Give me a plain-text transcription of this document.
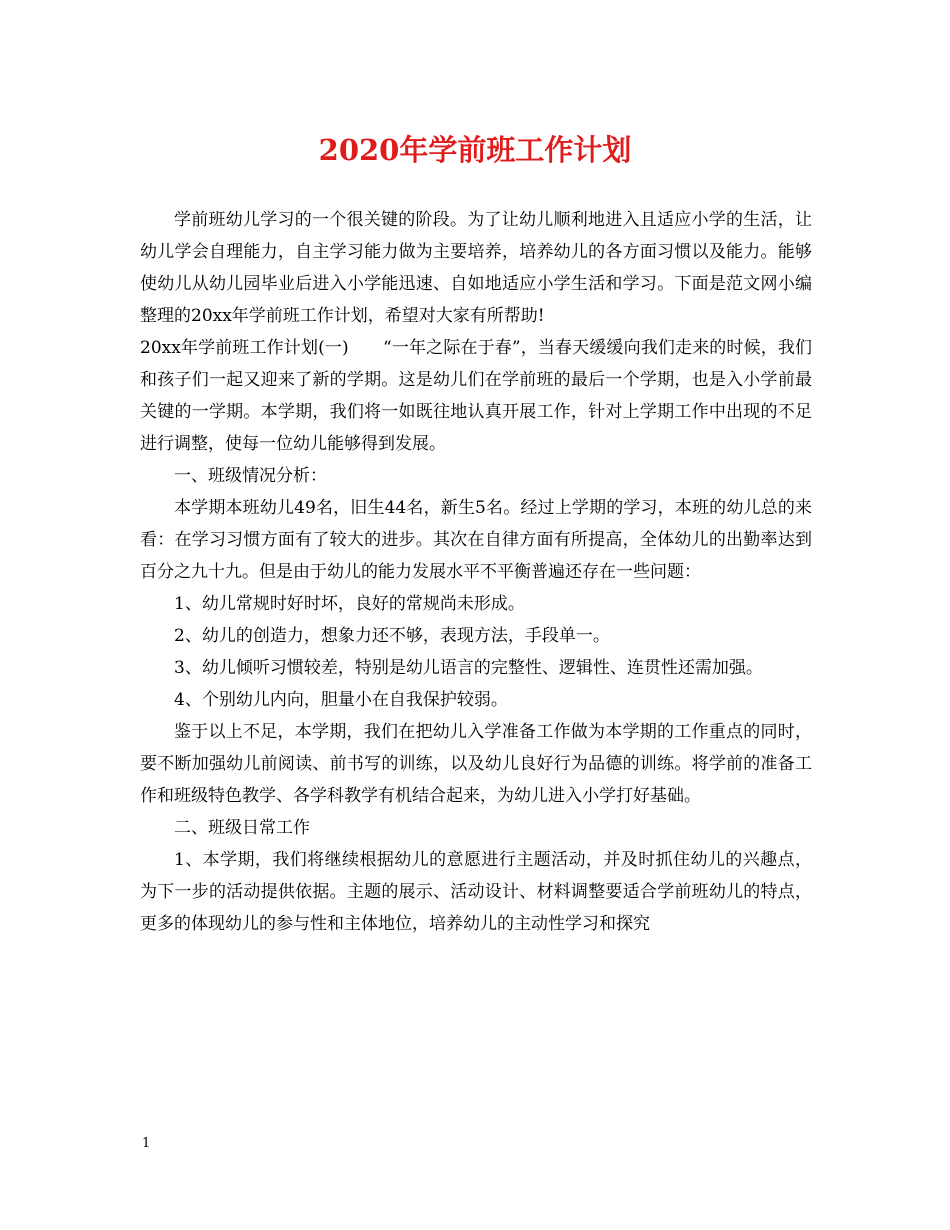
2020年学前班工作计划

学前班幼儿学习的一个很关键的阶段。为了让幼儿顺利地进入且适应小学的生活，让幼儿学会自理能力，自主学习能力做为主要培养，培养幼儿的各方面习惯以及能力。能够使幼儿从幼儿园毕业后进入小学能迅速、自如地适应小学生活和学习。下面是范文网小编整理的20xx年学前班工作计划，希望对大家有所帮助!

20xx年学前班工作计划(一)　　“一年之际在于春”，当春天缓缓向我们走来的时候，我们和孩子们一起又迎来了新的学期。这是幼儿们在学前班的最后一个学期，也是入小学前最关键的一学期。本学期，我们将一如既往地认真开展工作，针对上学期工作中出现的不足进行调整，使每一位幼儿能够得到发展。

一、班级情况分析：

本学期本班幼儿49名，旧生44名，新生5名。经过上学期的学习，本班的幼儿总的来看：在学习习惯方面有了较大的进步。其次在自律方面有所提高，全体幼儿的出勤率达到百分之九十九。但是由于幼儿的能力发展水平不平衡普遍还存在一些问题：

1、幼儿常规时好时坏，良好的常规尚未形成。

2、幼儿的创造力，想象力还不够，表现方法，手段单一。

3、幼儿倾听习惯较差，特别是幼儿语言的完整性、逻辑性、连贯性还需加强。

4、个别幼儿内向，胆量小在自我保护较弱。

鉴于以上不足，本学期，我们在把幼儿入学准备工作做为本学期的工作重点的同时，要不断加强幼儿前阅读、前书写的训练，以及幼儿良好行为品德的训练。将学前的准备工作和班级特色教学、各学科教学有机结合起来，为幼儿进入小学打好基础。

二、班级日常工作

1、本学期，我们将继续根据幼儿的意愿进行主题活动，并及时抓住幼儿的兴趣点，为下一步的活动提供依据。主题的展示、活动设计、材料调整要适合学前班幼儿的特点，更多的体现幼儿的参与性和主体地位，培养幼儿的主动性学习和探究

1
